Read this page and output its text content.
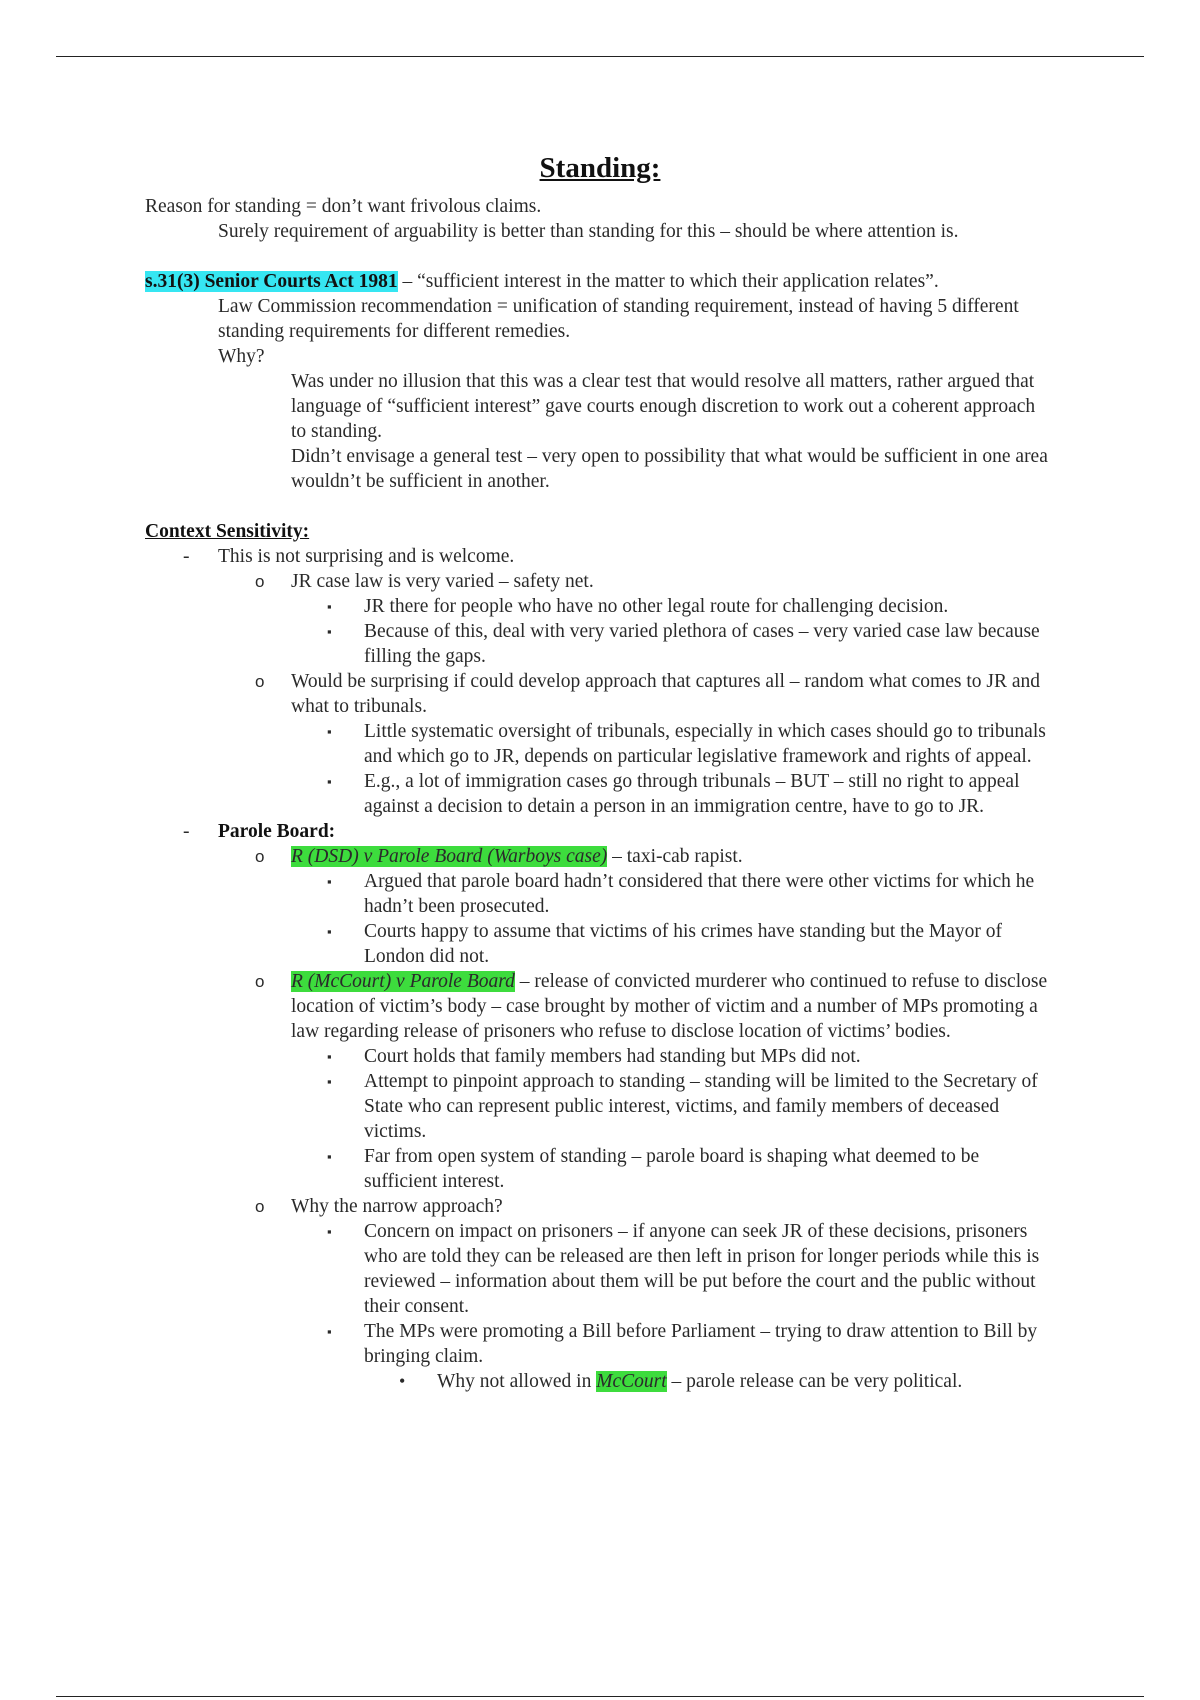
Standing:

Reason for standing = don’t want frivolous claims.

Surely requirement of arguability is better than standing for this – should be where attention is.

s.31(3) Senior Courts Act 1981 – “sufficient interest in the matter to which their application relates”.

Law Commission recommendation = unification of standing requirement, instead of having 5 different standing requirements for different remedies.

Why?

Was under no illusion that this was a clear test that would resolve all matters, rather argued that language of “sufficient interest” gave courts enough discretion to work out a coherent approach to standing.

Didn’t envisage a general test – very open to possibility that what would be sufficient in one area wouldn’t be sufficient in another.

Context Sensitivity:

- This is not surprising and is welcome.
o JR case law is very varied – safety net.
▪ JR there for people who have no other legal route for challenging decision.
▪ Because of this, deal with very varied plethora of cases – very varied case law because filling the gaps.
o Would be surprising if could develop approach that captures all – random what comes to JR and what to tribunals.
▪ Little systematic oversight of tribunals, especially in which cases should go to tribunals and which go to JR, depends on particular legislative framework and rights of appeal.
▪ E.g., a lot of immigration cases go through tribunals – BUT – still no right to appeal against a decision to detain a person in an immigration centre, have to go to JR.
- Parole Board:
o R (DSD) v Parole Board (Warboys case) – taxi-cab rapist.
▪ Argued that parole board hadn’t considered that there were other victims for which he hadn’t been prosecuted.
▪ Courts happy to assume that victims of his crimes have standing but the Mayor of London did not.
o R (McCourt) v Parole Board – release of convicted murderer who continued to refuse to disclose location of victim’s body – case brought by mother of victim and a number of MPs promoting a law regarding release of prisoners who refuse to disclose location of victims’ bodies.
▪ Court holds that family members had standing but MPs did not.
▪ Attempt to pinpoint approach to standing – standing will be limited to the Secretary of State who can represent public interest, victims, and family members of deceased victims.
▪ Far from open system of standing – parole board is shaping what deemed to be sufficient interest.
o Why the narrow approach?
▪ Concern on impact on prisoners – if anyone can seek JR of these decisions, prisoners who are told they can be released are then left in prison for longer periods while this is reviewed – information about them will be put before the court and the public without their consent.
▪ The MPs were promoting a Bill before Parliament – trying to draw attention to Bill by bringing claim.
• Why not allowed in McCourt – parole release can be very political.
